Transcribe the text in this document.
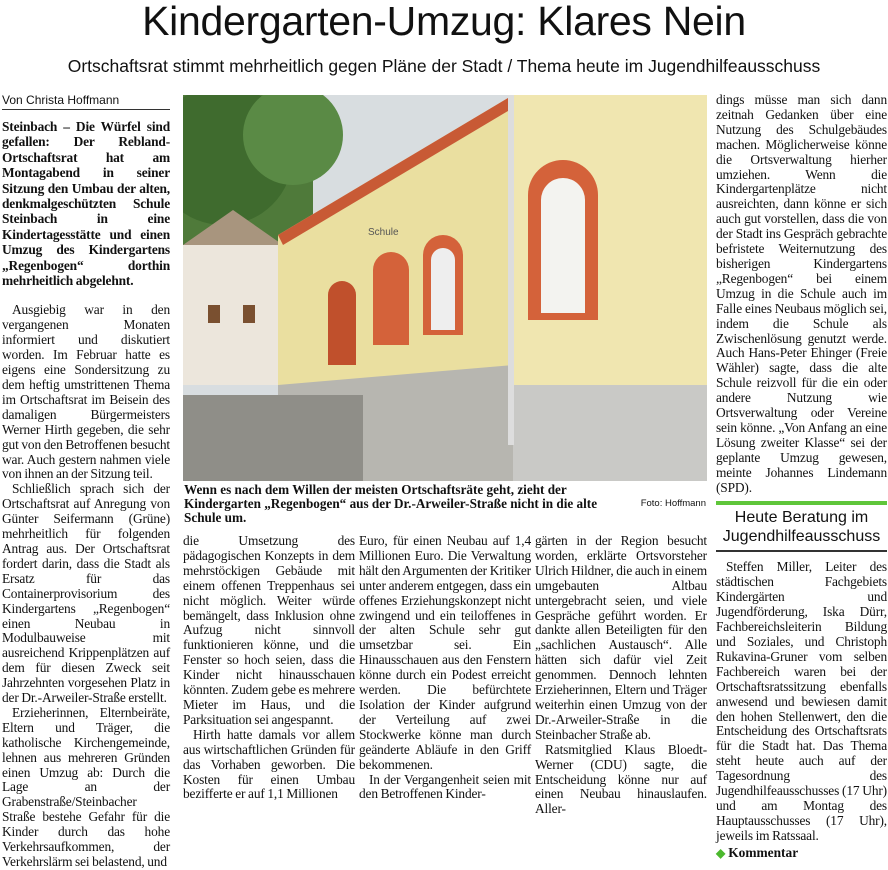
Kindergarten-Umzug: Klares Nein
Ortschaftsrat stimmt mehrheitlich gegen Pläne der Stadt / Thema heute im Jugendhilfeausschuss
Von Christa Hoffmann

Steinbach – Die Würfel sind gefallen: Der Rebland-Ortschaftsrat hat am Montagabend in seiner Sitzung den Umbau der alten, denkmalgeschützten Schule Steinbach in eine Kindertagesstätte und einen Umzug des Kindergartens „Regenbogen“ dorthin mehrheitlich abgelehnt.

Ausgiebig war in den vergangenen Monaten informiert und diskutiert worden. Im Februar hatte es eigens eine Sondersitzung zu dem heftig umstrittenen Thema im Ortschaftsrat im Beisein des damaligen Bürgermeisters Werner Hirth gegeben, die sehr gut von den Betroffenen besucht war. Auch gestern nahmen viele von ihnen an der Sitzung teil.

Schließlich sprach sich der Ortschaftsrat auf Anregung von Günter Seifermann (Grüne) mehrheitlich für folgenden Antrag aus. Der Ortschaftsrat fordert darin, dass die Stadt als Ersatz für das Containerprovisorium des Kindergartens „Regenbogen“ einen Neubau in Modulbauweise mit ausreichend Krippenplätzen auf dem für diesen Zweck seit Jahrzehnten vorgesehen Platz in der Dr.-Arweiler-Straße erstellt.

Erzieherinnen, Elternbeiräte, Eltern und Träger, die katholische Kirchengemeinde, lehnen aus mehreren Gründen einen Umzug ab: Durch die Lage an der Grabenstraße/Steinbacher Straße bestehe Gefahr für die Kinder durch das hohe Verkehrsaufkommen, der Verkehrslärm sei belastend, und

Schule
Foto: Hoffmann
Wenn es nach dem Willen der meisten Ortschaftsräte geht, zieht der Kindergarten „Regenbogen“ aus der Dr.-Arweiler-Straße nicht in die alte Schule um.

die Umsetzung des pädagogischen Konzepts in dem mehrstöckigen Gebäude mit einem offenen Treppenhaus sei nicht möglich. Weiter würde bemängelt, dass Inklusion ohne Aufzug nicht sinnvoll funktionieren könne, und die Fenster so hoch seien, dass die Kinder nicht hinausschauen könnten. Zudem gebe es mehrere Mieter im Haus, und die Parksituation sei angespannt.

Hirth hatte damals vor allem aus wirtschaftlichen Gründen für das Vorhaben geworben. Die Kosten für einen Umbau bezifferte er auf 1,1 Millionen

Euro, für einen Neubau auf 1,4 Millionen Euro. Die Verwaltung hält den Argumenten der Kritiker unter anderem entgegen, dass ein offenes Erziehungskonzept nicht zwingend und ein teiloffenes in der alten Schule sehr gut umsetzbar sei. Ein Hinausschauen aus den Fenstern könne durch ein Podest erreicht werden. Die befürchtete Isolation der Kinder aufgrund der Verteilung auf zwei Stockwerke könne man durch geänderte Abläufe in den Griff bekommenen.

In der Vergangenheit seien mit den Betroffenen Kinder-

gärten in der Region besucht worden, erklärte Ortsvorsteher Ulrich Hildner, die auch in einem umgebauten Altbau untergebracht seien, und viele Gespräche geführt worden. Er dankte allen Beteiligten für den „sachlichen Austausch“. Alle hätten sich dafür viel Zeit genommen. Dennoch lehnten Erzieherinnen, Eltern und Träger weiterhin einen Umzug von der Dr.-Arweiler-Straße in die Steinbacher Straße ab.

Ratsmitglied Klaus Bloedt-Werner (CDU) sagte, die Entscheidung könne nur auf einen Neubau hinauslaufen. Aller-

dings müsse man sich dann zeitnah Gedanken über eine Nutzung des Schulgebäudes machen. Möglicherweise könne die Ortsverwaltung hierher umziehen. Wenn die Kindergartenplätze nicht ausreichten, dann könne er sich auch gut vorstellen, dass die von der Stadt ins Gespräch gebrachte befristete Weiternutzung des bisherigen Kindergartens „Regenbogen“ bei einem Umzug in die Schule auch im Falle eines Neubaus möglich sei, indem die Schule als Zwischenlösung genutzt werde. Auch Hans-Peter Ehinger (Freie Wähler) sagte, dass die alte Schule reizvoll für die ein oder andere Nutzung wie Ortsverwaltung oder Vereine sein könne. „Von Anfang an eine Lösung zweiter Klasse“ sei der geplante Umzug gewesen, meinte Johannes Lindemann (SPD).

Heute Beratung im Jugendhilfeausschuss

Steffen Miller, Leiter des städtischen Fachgebiets Kindergärten und Jugendförderung, Iska Dürr, Fachbereichsleiterin Bildung und Soziales, und Christoph Rukavina-Gruner vom selben Fachbereich waren bei der Ortschaftsratssitzung ebenfalls anwesend und bewiesen damit den hohen Stellenwert, den die Entscheidung des Ortschaftsrats für die Stadt hat. Das Thema steht heute auch auf der Tagesordnung des Jugendhilfeausschusses (17 Uhr) und am Montag des Hauptausschusses (17 Uhr), jeweils im Ratssaal.

◆ Kommentar
